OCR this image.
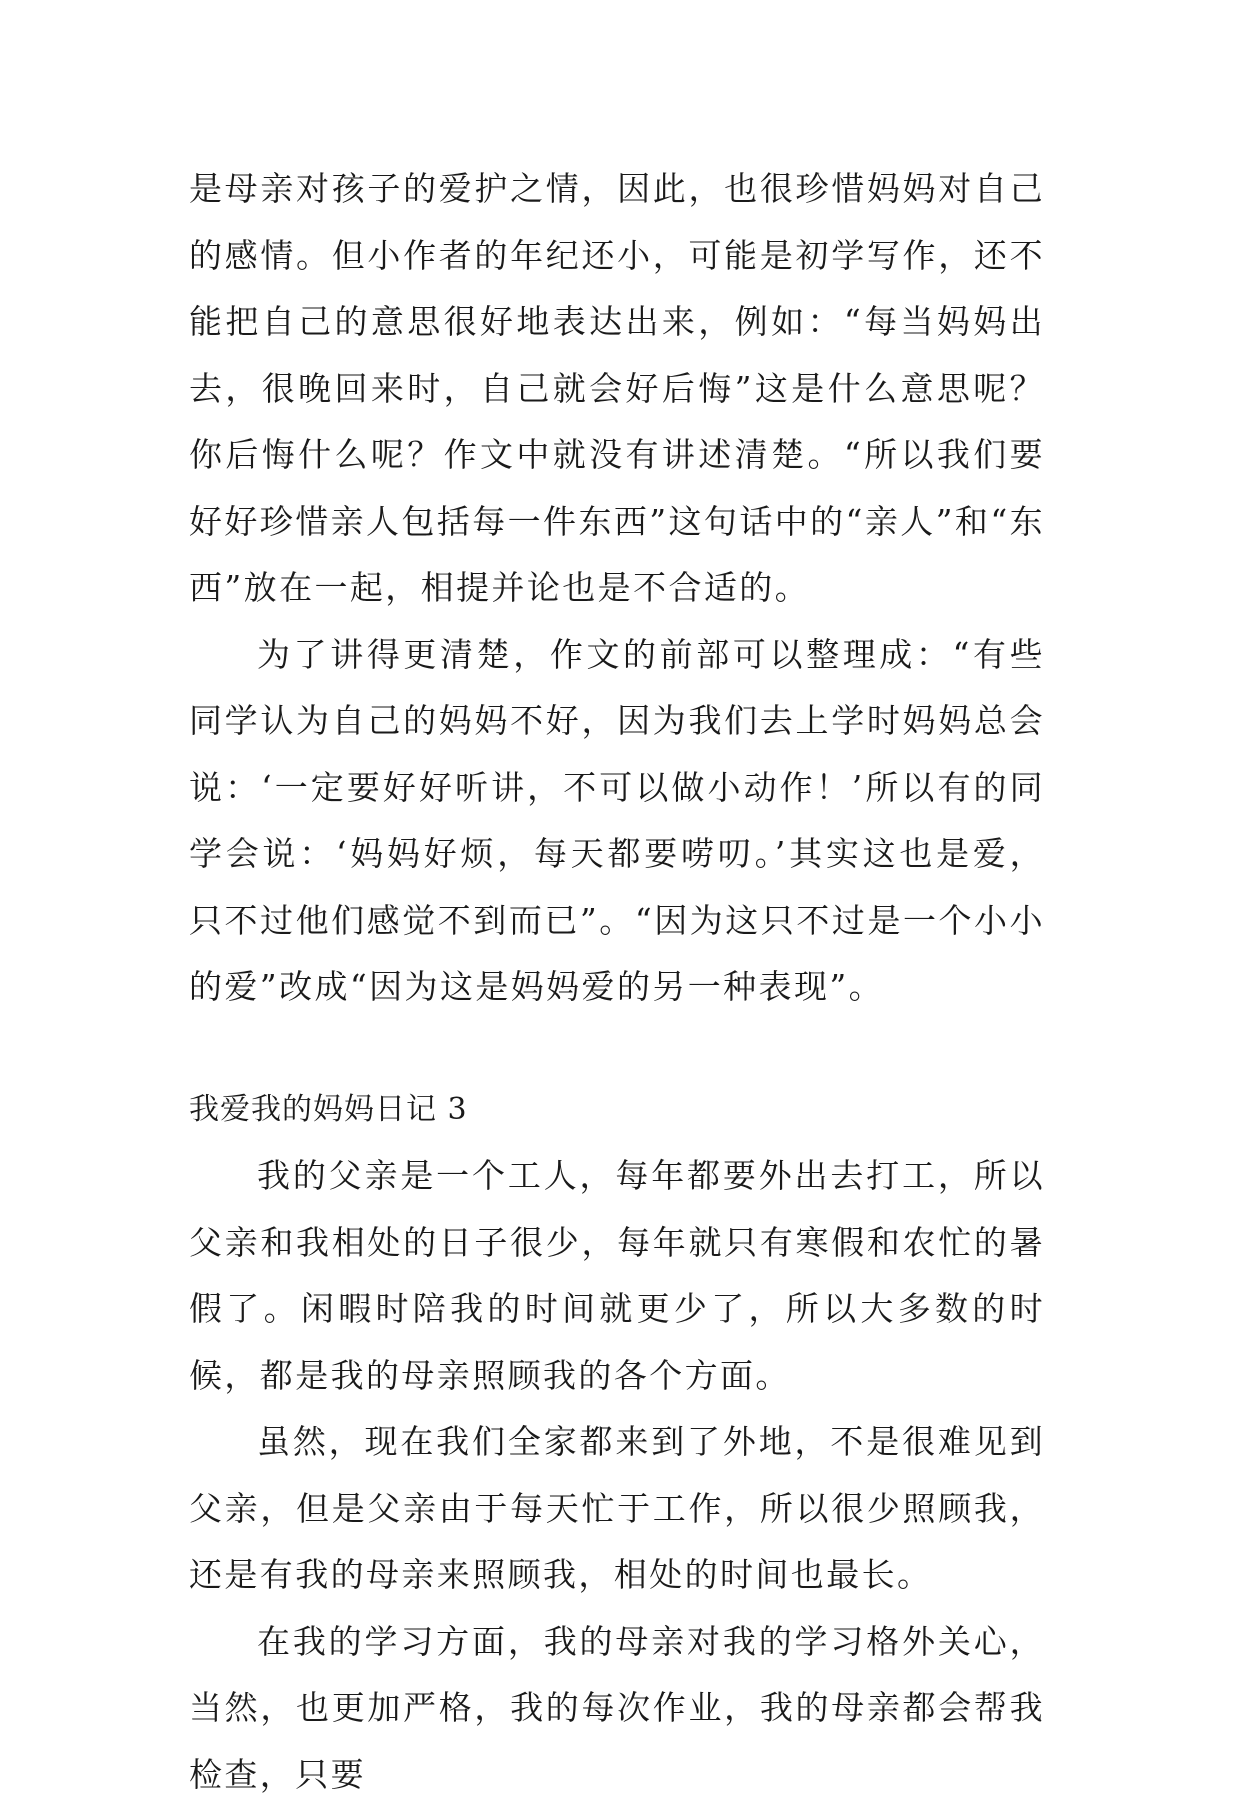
是母亲对孩子的爱护之情，因此，也很珍惜妈妈对自己的感情。但小作者的年纪还小，可能是初学写作，还不能把自己的意思很好地表达出来，例如：“每当妈妈出去，很晚回来时，自己就会好后悔”这是什么意思呢？你后悔什么呢？作文中就没有讲述清楚。“所以我们要好好珍惜亲人包括每一件东西”这句话中的“亲人”和“东西”放在一起，相提并论也是不合适的。

为了讲得更清楚，作文的前部可以整理成：“有些同学认为自己的妈妈不好，因为我们去上学时妈妈总会说：‘一定要好好听讲，不可以做小动作！’所以有的同学会说：‘妈妈好烦，每天都要唠叨。’其实这也是爱，只不过他们感觉不到而已”。“因为这只不过是一个小小的爱”改成“因为这是妈妈爱的另一种表现”。

我爱我的妈妈日记 3

我的父亲是一个工人，每年都要外出去打工，所以父亲和我相处的日子很少，每年就只有寒假和农忙的暑假了。闲暇时陪我的时间就更少了，所以大多数的时候，都是我的母亲照顾我的各个方面。

虽然，现在我们全家都来到了外地，不是很难见到父亲，但是父亲由于每天忙于工作，所以很少照顾我，还是有我的母亲来照顾我，相处的时间也最长。

在我的学习方面，我的母亲对我的学习格外关心，当然，也更加严格，我的每次作业，我的母亲都会帮我检查，只要
